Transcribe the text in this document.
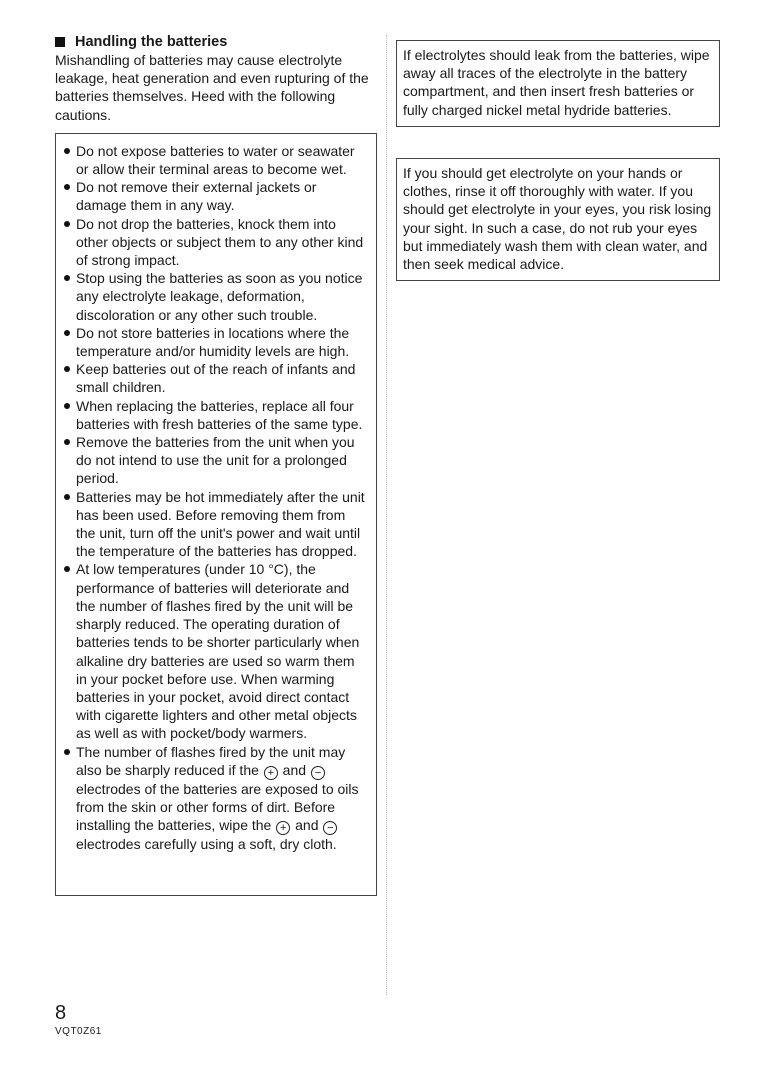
Handling the batteries

Mishandling of batteries may cause electrolyte leakage, heat generation and even rupturing of the batteries themselves. Heed with the following cautions.

Do not expose batteries to water or seawater or allow their terminal areas to become wet.
Do not remove their external jackets or damage them in any way.
Do not drop the batteries, knock them into other objects or subject them to any other kind of strong impact.
Stop using the batteries as soon as you notice any electrolyte leakage, deformation, discoloration or any other such trouble.
Do not store batteries in locations where the temperature and/or humidity levels are high.
Keep batteries out of the reach of infants and small children.
When replacing the batteries, replace all four batteries with fresh batteries of the same type.
Remove the batteries from the unit when you do not intend to use the unit for a prolonged period.
Batteries may be hot immediately after the unit has been used. Before removing them from the unit, turn off the unit's power and wait until the temperature of the batteries has dropped.
At low temperatures (under 10 °C), the performance of batteries will deteriorate and the number of flashes fired by the unit will be sharply reduced. The operating duration of batteries tends to be shorter particularly when alkaline dry batteries are used so warm them in your pocket before use. When warming batteries in your pocket, avoid direct contact with cigarette lighters and other metal objects as well as with pocket/body warmers.
The number of flashes fired by the unit may also be sharply reduced if the + and − electrodes of the batteries are exposed to oils from the skin or other forms of dirt. Before installing the batteries, wipe the + and − electrodes carefully using a soft, dry cloth.
If electrolytes should leak from the batteries, wipe away all traces of the electrolyte in the battery compartment, and then insert fresh batteries or fully charged nickel metal hydride batteries.
If you should get electrolyte on your hands or clothes, rinse it off thoroughly with water. If you should get electrolyte in your eyes, you risk losing your sight. In such a case, do not rub your eyes but immediately wash them with clean water, and then seek medical advice.
8
VQT0Z61
